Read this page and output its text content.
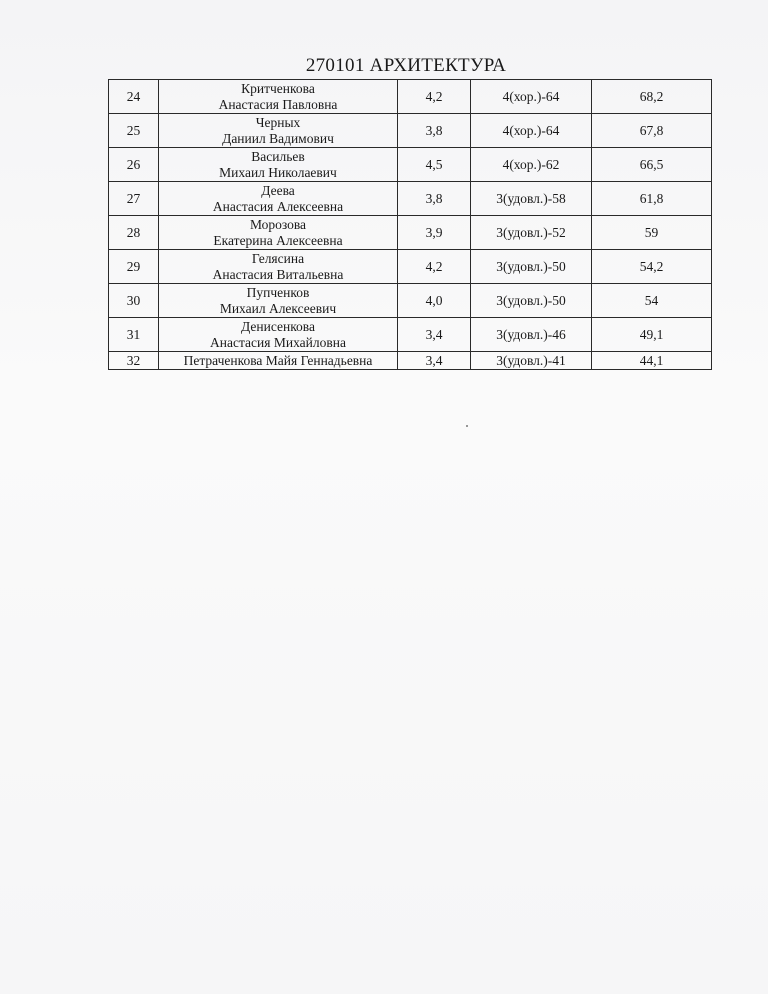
270101 АРХИТЕКТУРА
24	Критченкова
Анастасия Павловна	4,2	4(хор.)-64	68,2
25	Черных
Даниил Вадимович	3,8	4(хор.)-64	67,8
26	Васильев
Михаил Николаевич	4,5	4(хор.)-62	66,5
27	Деева
Анастасия Алексеевна	3,8	3(удовл.)-58	61,8
28	Морозова
Екатерина Алексеевна	3,9	3(удовл.)-52	59
29	Гелясина
Анастасия Витальевна	4,2	3(удовл.)-50	54,2
30	Пупченков
Михаил Алексеевич	4,0	3(удовл.)-50	54
31	Денисенкова
Анастасия Михайловна	3,4	3(удовл.)-46	49,1
32	Петраченкова Майя Геннадьевна	3,4	3(удовл.)-41	44,1
